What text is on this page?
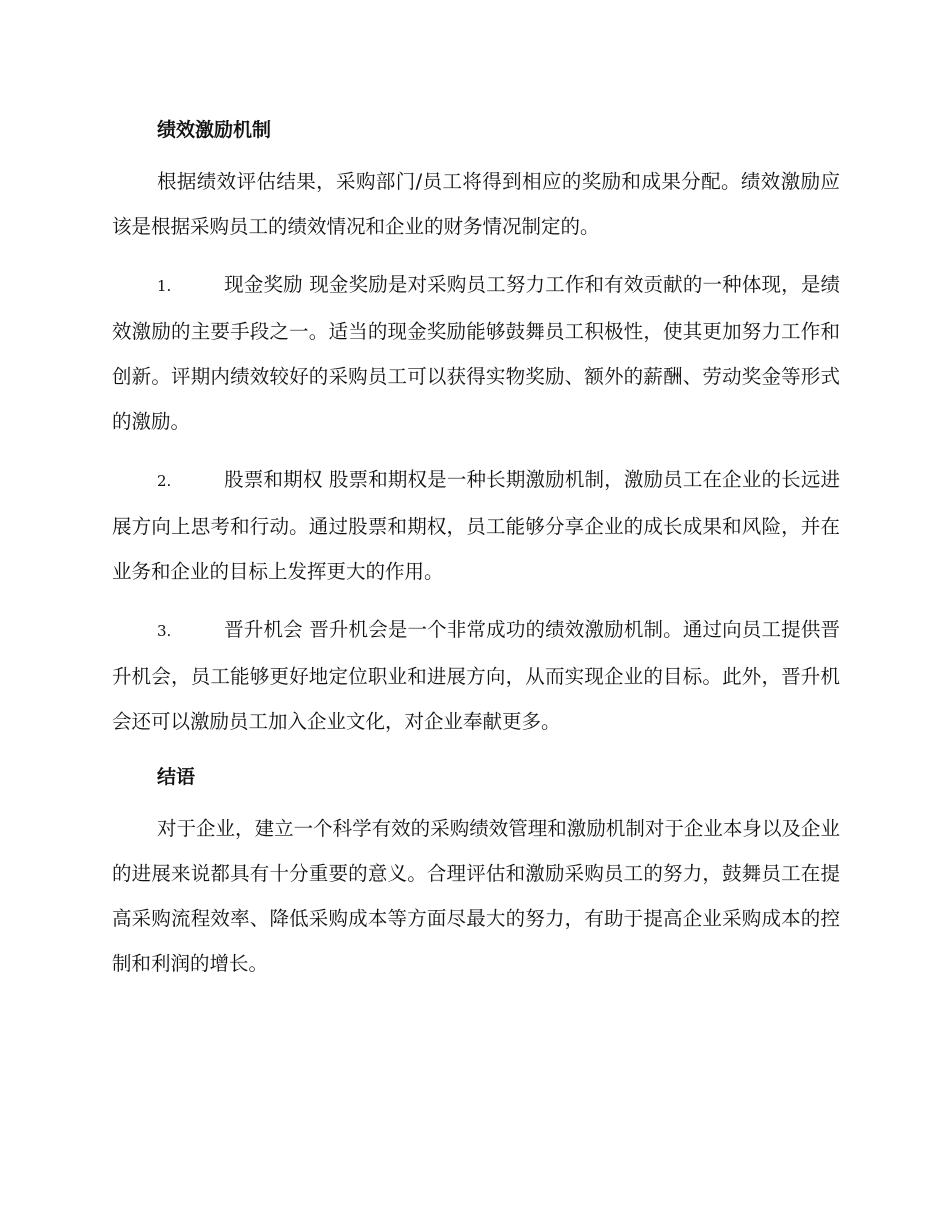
绩效激励机制

根据绩效评估结果，采购部门/员工将得到相应的奖励和成果分配。绩效激励应该是根据采购员工的绩效情况和企业的财务情况制定的。

1.	现金奖励 现金奖励是对采购员工努力工作和有效贡献的一种体现，是绩效激励的主要手段之一。适当的现金奖励能够鼓舞员工积极性，使其更加努力工作和创新。评期内绩效较好的采购员工可以获得实物奖励、额外的薪酬、劳动奖金等形式的激励。

2.	股票和期权 股票和期权是一种长期激励机制，激励员工在企业的长远进展方向上思考和行动。通过股票和期权，员工能够分享企业的成长成果和风险，并在业务和企业的目标上发挥更大的作用。

3.	晋升机会 晋升机会是一个非常成功的绩效激励机制。通过向员工提供晋升机会，员工能够更好地定位职业和进展方向，从而实现企业的目标。此外，晋升机会还可以激励员工加入企业文化，对企业奉献更多。

结语

对于企业，建立一个科学有效的采购绩效管理和激励机制对于企业本身以及企业的进展来说都具有十分重要的意义。合理评估和激励采购员工的努力，鼓舞员工在提高采购流程效率、降低采购成本等方面尽最大的努力，有助于提高企业采购成本的控制和利润的增长。
